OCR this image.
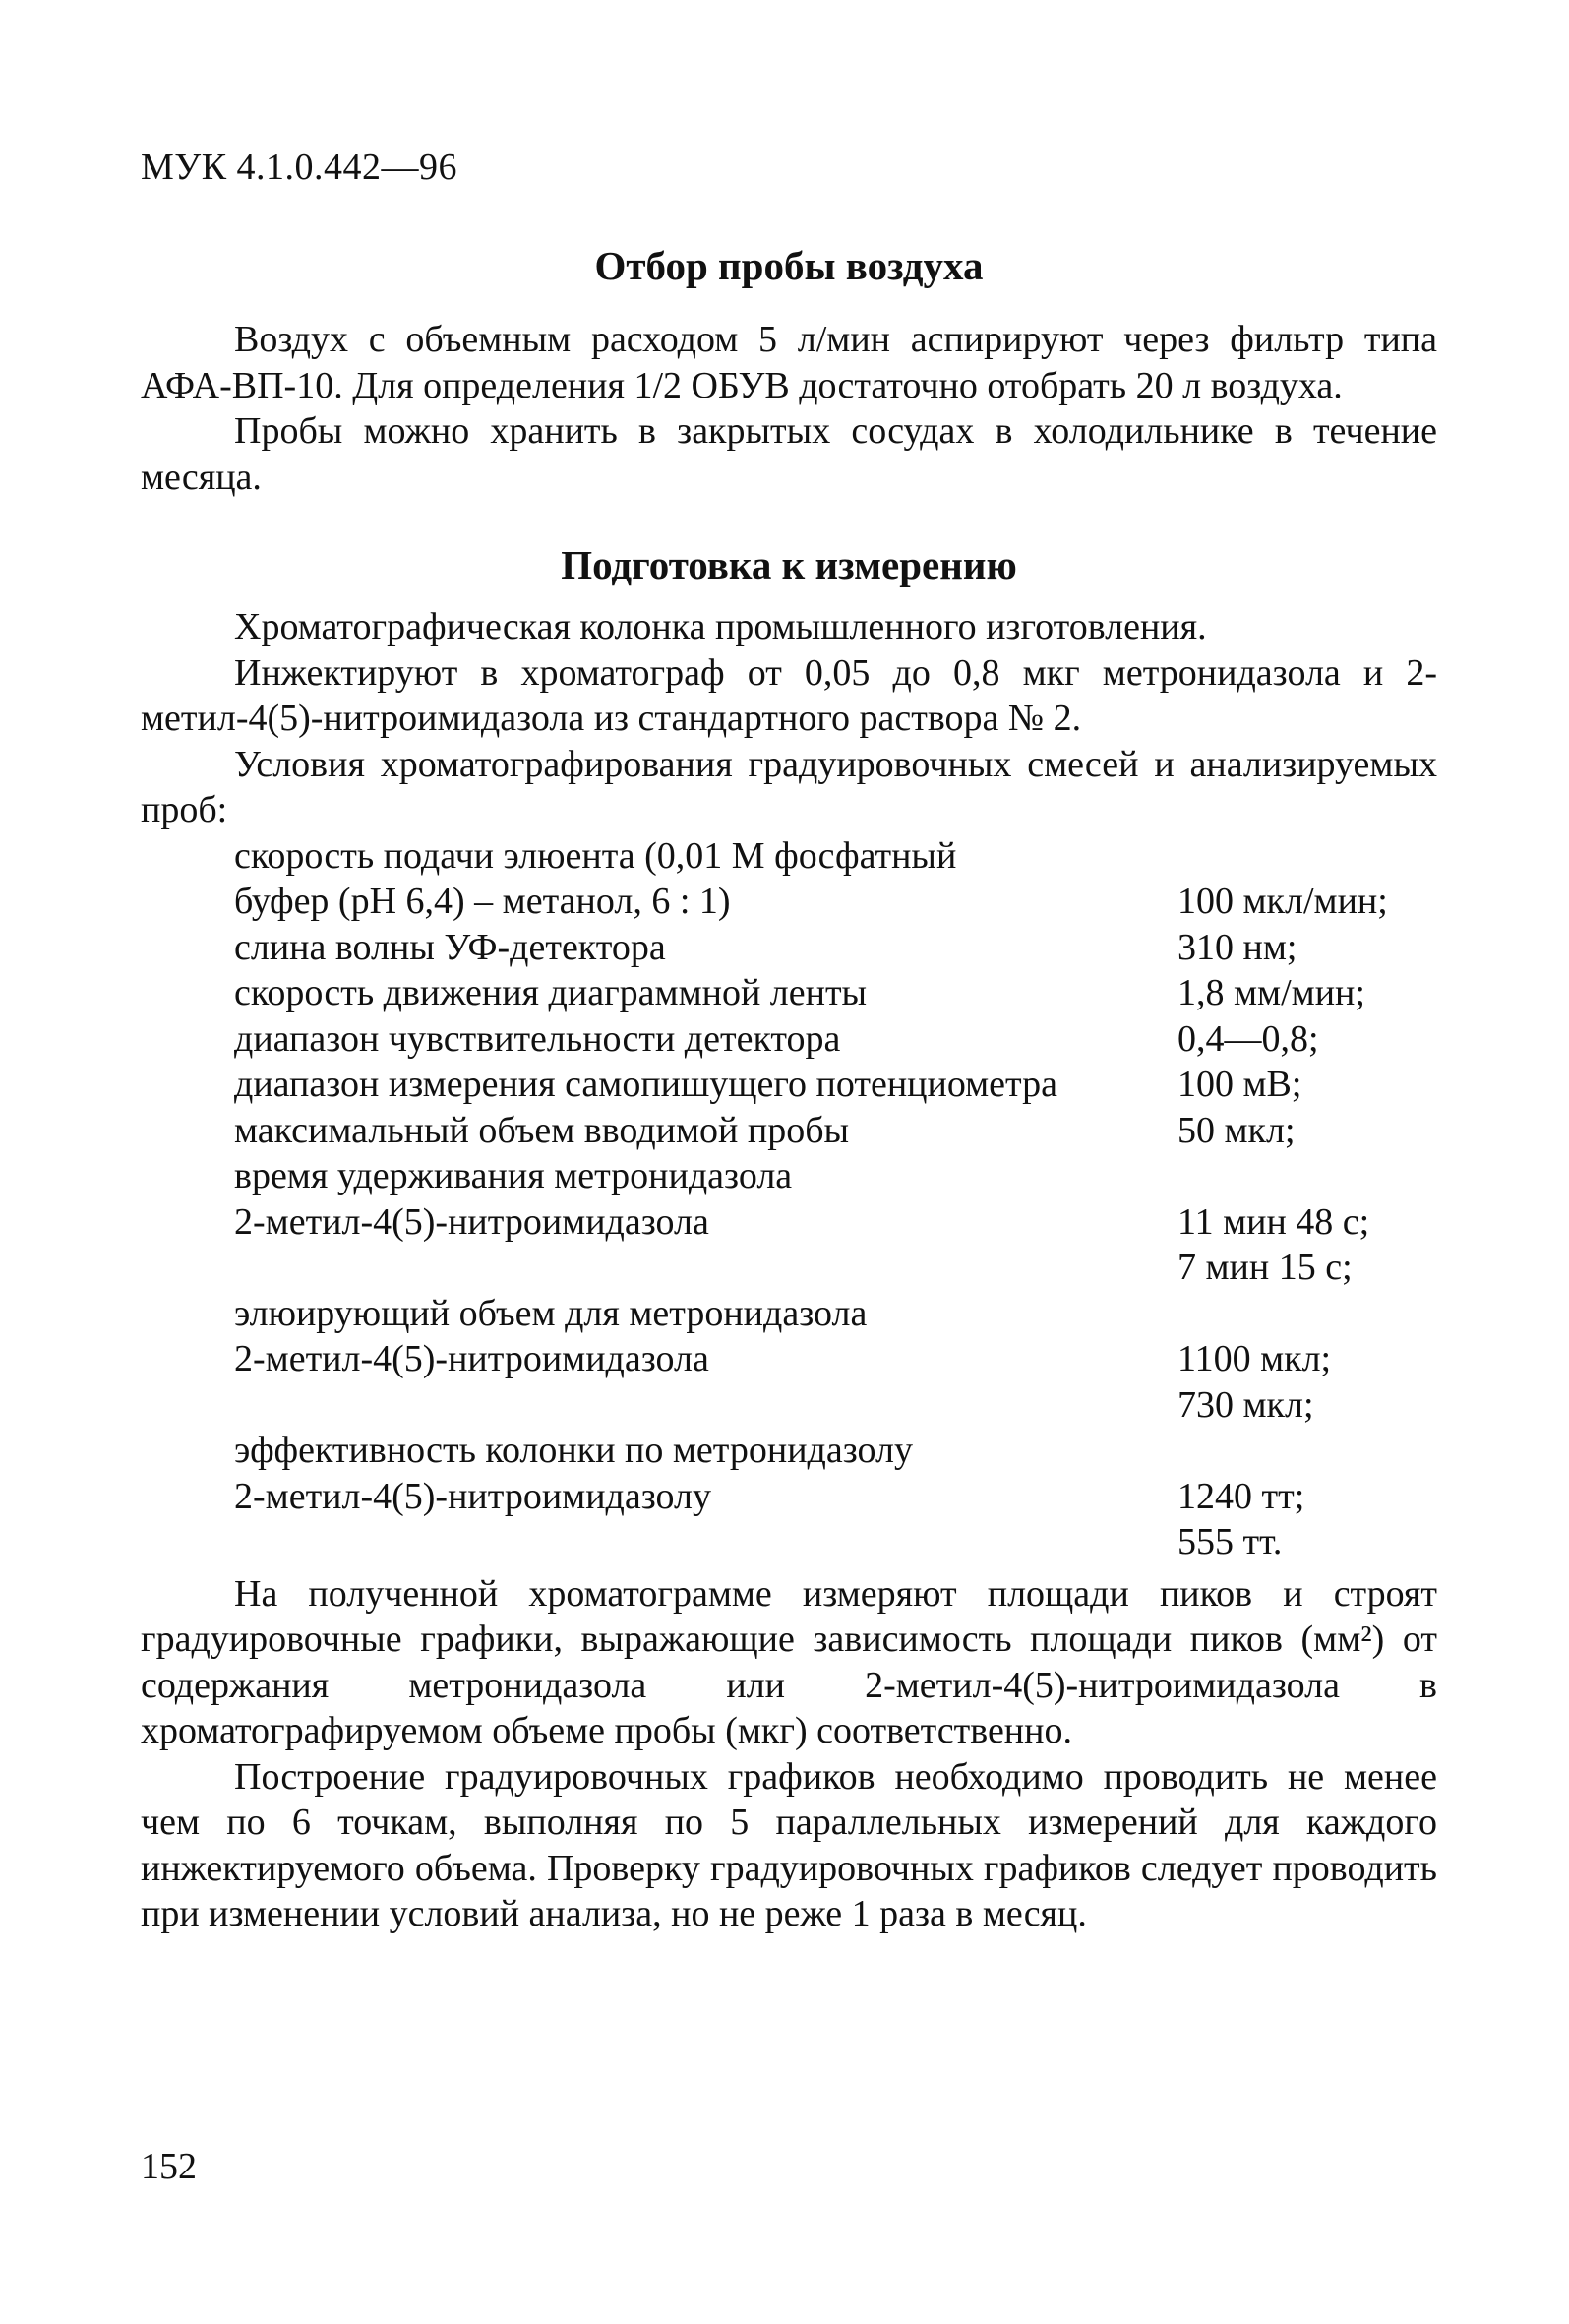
МУК 4.1.0.442—96
Отбор пробы воздуха

Воздух с объемным расходом 5 л/мин аспирируют через фильтр типа АФА-ВП-10. Для определения 1/2 ОБУВ достаточно отобрать 20 л воздуха.

Пробы можно хранить в закрытых сосудах в холодильнике в течение месяца.

Подготовка к измерению

Хроматографическая колонка промышленного изготовления.

Инжектируют в хроматограф от 0,05 до 0,8 мкг метронидазола и 2-метил-4(5)-нитроимидазола из стандартного раствора № 2.

Условия хроматографирования градуировочных смесей и анализируемых проб:

скорость подачи элюента (0,01 М фосфатный
буфер (рН 6,4) – метанол, 6 : 1)	100 мкл/мин;
слина волны УФ-детектора	310 нм;
скорость движения диаграммной ленты	1,8 мм/мин;
диапазон чувствительности детектора	0,4—0,8;
диапазон измерения самопишущего потенциометра	100 мВ;
максимальный объем вводимой пробы	50 мкл;
время удерживания метронидазола
2-метил-4(5)-нитроимидазола	11 мин 48 с;
7 мин 15 с;
элюирующий объем для метронидазола
2-метил-4(5)-нитроимидазола	1100 мкл;
730 мкл;
эффективность колонки по метронидазолу
2-метил-4(5)-нитроимидазолу	1240 тт;
555 тт.

На полученной хроматограмме измеряют площади пиков и строят градуировочные графики, выражающие зависимость площади пиков (мм²) от содержания метронидазола или 2-метил-4(5)-нитроимидазола в хроматографируемом объеме пробы (мкг) соответственно.

Построение градуировочных графиков необходимо проводить не менее чем по 6 точкам, выполняя по 5 параллельных измерений для каждого инжектируемого объема. Проверку градуировочных графиков следует проводить при изменении условий анализа, но не реже 1 раза в месяц.

152
